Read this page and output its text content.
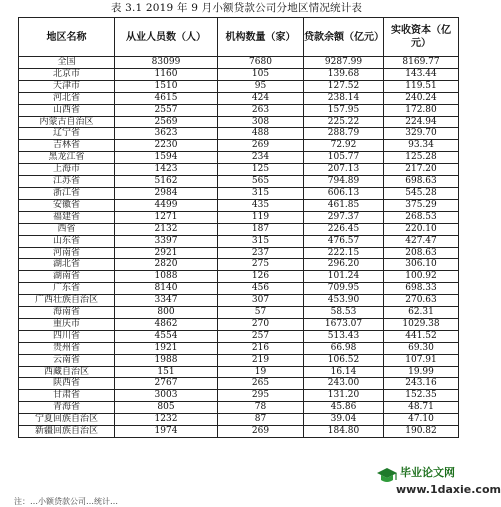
表 3.1 2019 年 9 月小额贷款公司分地区情况统计表
地区名称	从业人员数（人）	机构数量（家）	贷款余额（亿元）	实收资本（亿元）
全国	83099	7680	9287.99	8169.77
北京市	1160	105	139.68	143.44
天津市	1510	95	127.52	119.51
河北省	4615	424	238.14	240.24
山西省	2557	263	157.95	172.80
内蒙古自治区	2569	308	225.22	224.94
辽宁省	3623	488	288.79	329.70
吉林省	2230	269	72.92	93.34
黑龙江省	1594	234	105.77	125.28
上海市	1423	125	207.13	217.20
江苏省	5162	565	794.89	698.63
浙江省	2984	315	606.13	545.28
安徽省	4499	435	461.85	375.29
福建省	1271	119	297.37	268.53
西省	2132	187	226.45	220.10
山东省	3397	315	476.57	427.47
河南省	2921	237	222.15	208.63
湖北省	2820	275	296.20	306.10
湖南省	1088	126	101.24	100.92
广东省	8140	456	709.95	698.33
广西壮族自治区	3347	307	453.90	270.63
海南省	800	57	58.53	62.31
重庆市	4862	270	1673.07	1029.38
四川省	4554	257	513.43	441.52
贵州省	1921	216	66.98	69.30
云南省	1988	219	106.52	107.91
西藏自治区	151	19	16.14	19.99
陕西省	2767	265	243.00	243.16
甘肃省	3003	295	131.20	152.35
青海省	805	78	45.86	48.71
宁夏回族自治区	1232	87	39.04	47.10
新疆回族自治区	1974	269	184.80	190.82
注：…小额贷款公司…统计…
毕业论文网
www.1daxie.com
